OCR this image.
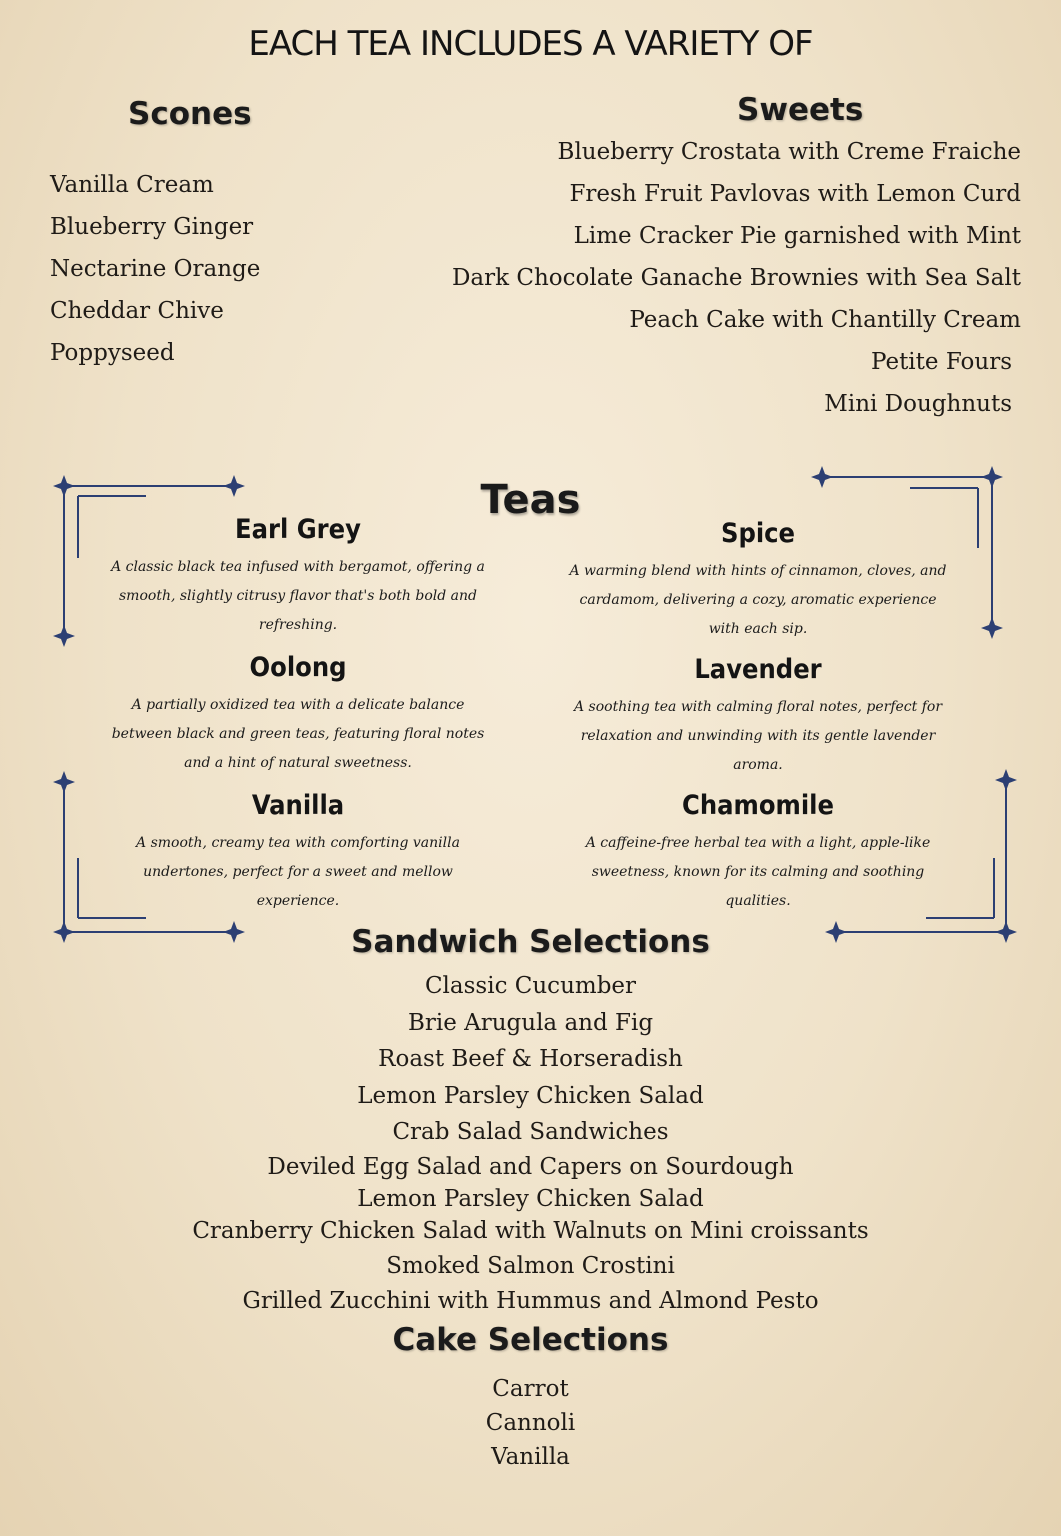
EACH TEA INCLUDES A VARIETY OF
Scones
Vanilla Cream
Blueberry Ginger
Nectarine Orange
Cheddar Chive
Poppyseed
Sweets
Blueberry Crostata with Creme Fraiche
Fresh Fruit Pavlovas with Lemon Curd
Lime Cracker Pie garnished with Mint
Dark Chocolate Ganache Brownies with Sea Salt
Peach Cake with Chantilly Cream
Petite Fours
Mini Doughnuts
Teas
Earl Grey

A classic black tea infused with bergamot, offering a smooth, slightly citrusy flavor that's both bold and refreshing.

Spice

A warming blend with hints of cinnamon, cloves, and cardamom, delivering a cozy, aromatic experience with each sip.

Oolong

A partially oxidized tea with a delicate balance between black and green teas, featuring floral notes and a hint of natural sweetness.

Lavender

A soothing tea with calming floral notes, perfect for relaxation and unwinding with its gentle lavender aroma.

Vanilla

A smooth, creamy tea with comforting vanilla undertones, perfect for a sweet and mellow experience.

Chamomile

A caffeine-free herbal tea with a light, apple-like sweetness, known for its calming and soothing qualities.

Sandwich Selections
Classic Cucumber
Brie Arugula and Fig
Roast Beef & Horseradish
Lemon Parsley Chicken Salad
Crab Salad Sandwiches
Deviled Egg Salad and Capers on Sourdough
Lemon Parsley Chicken Salad
Cranberry Chicken Salad with Walnuts on Mini croissants
Smoked Salmon Crostini
Grilled Zucchini with Hummus and Almond Pesto
Cake Selections
Carrot
Cannoli
Vanilla
